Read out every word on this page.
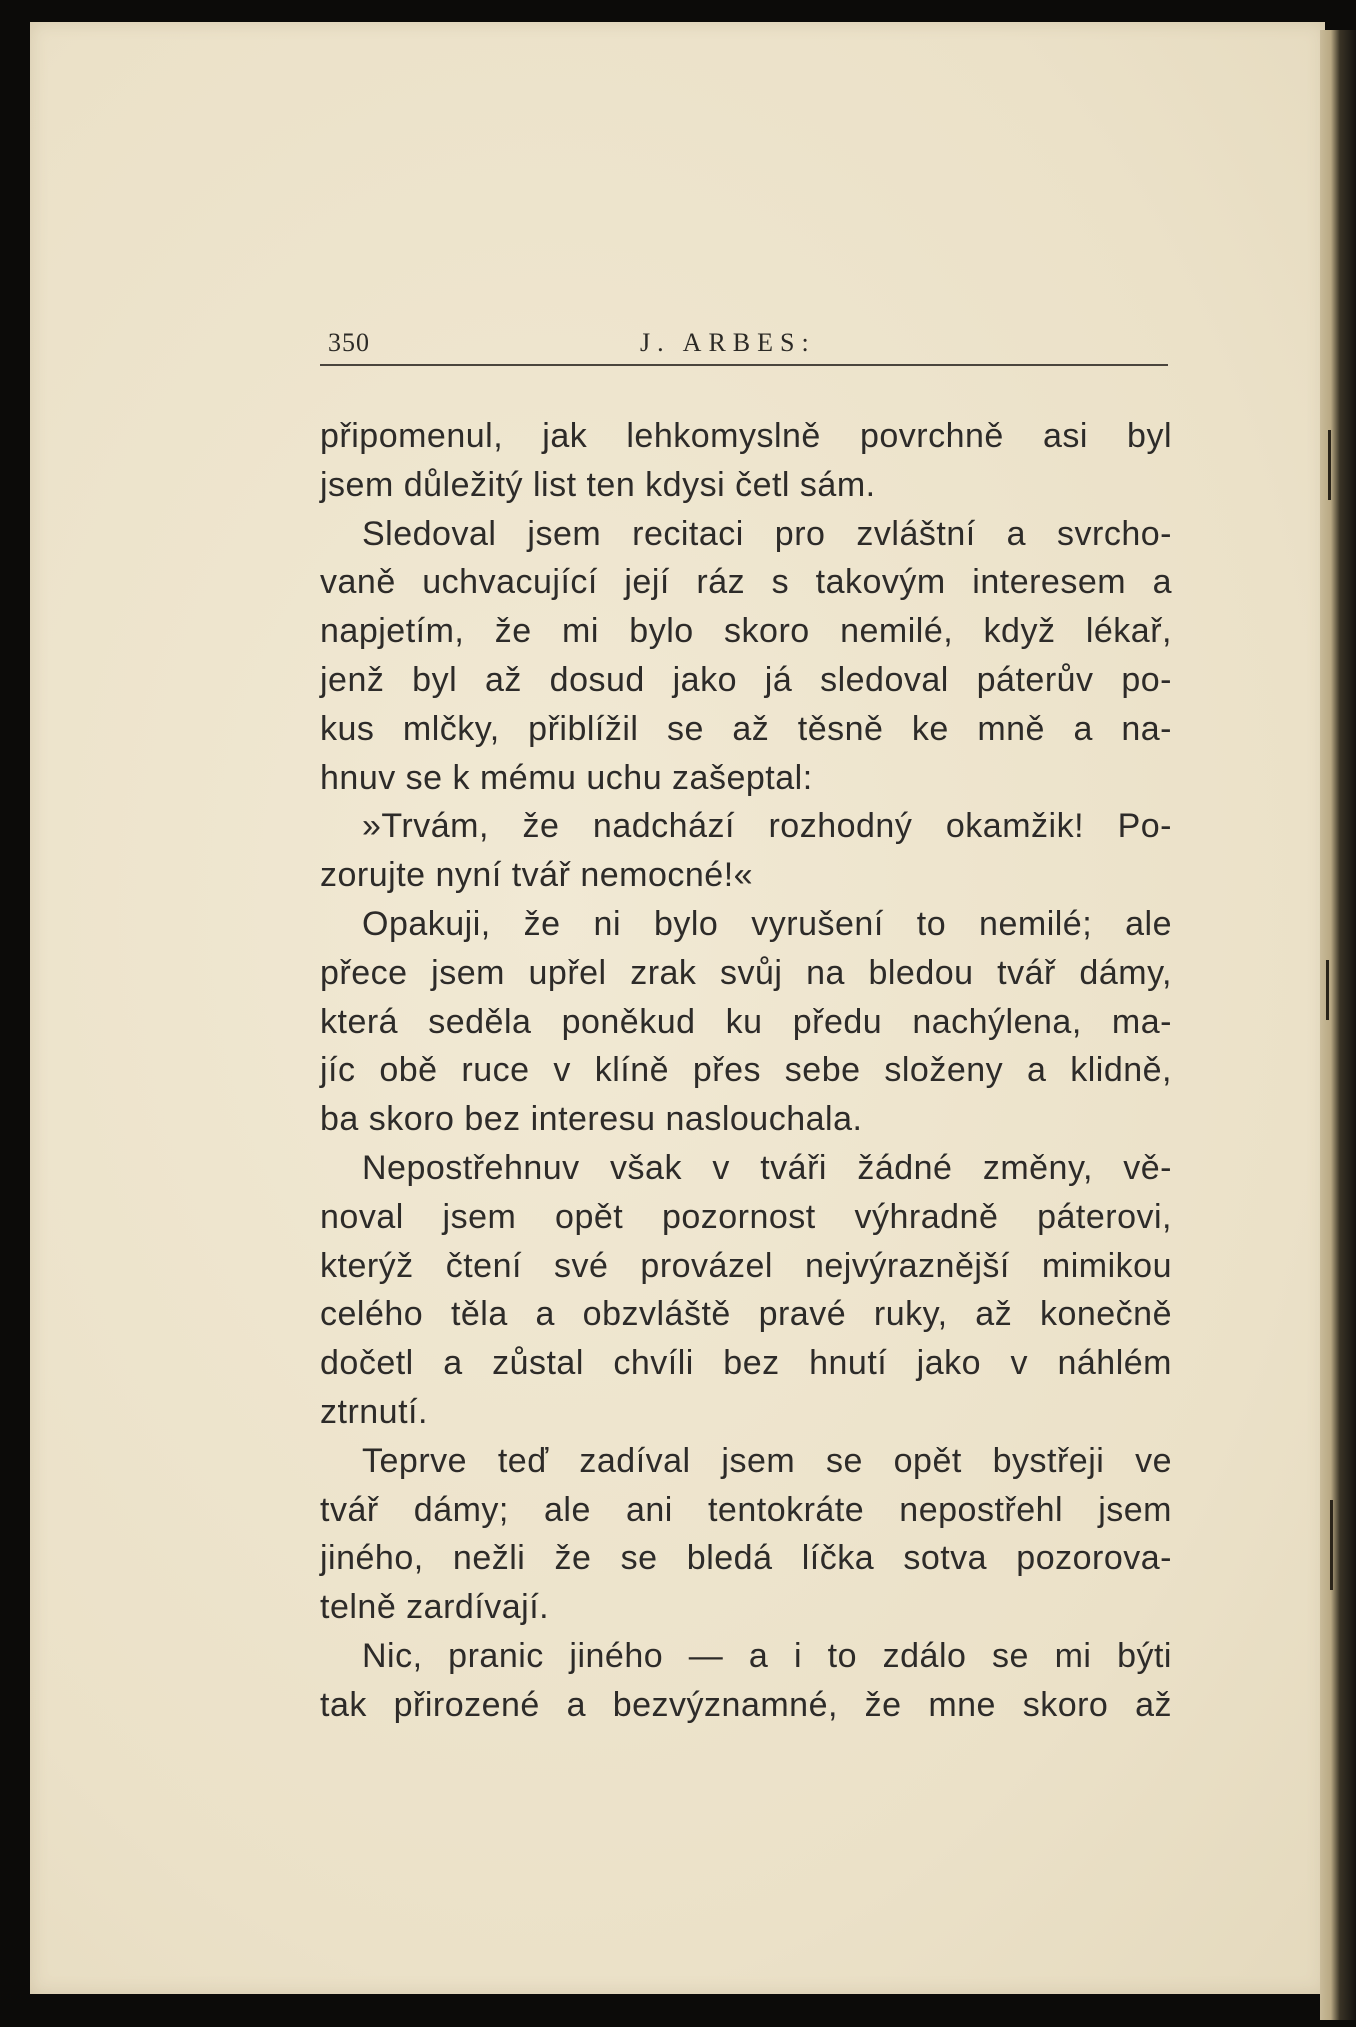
350	J. ARBES:
připomenul, jak lehkomyslně povrchně asi byl
jsem důležitý list ten kdysi četl sám.
Sledoval jsem recitaci pro zvláštní a svrcho-
vaně uchvacující její ráz s takovým interesem a
napjetím, že mi bylo skoro nemilé, když lékař,
jenž byl až dosud jako já sledoval páterův po-
kus mlčky, přiblížil se až těsně ke mně a na-
hnuv se k mému uchu zašeptal:
»Trvám, že nadchází rozhodný okamžik! Po-
zorujte nyní tvář nemocné!«
Opakuji, že ni bylo vyrušení to nemilé; ale
přece jsem upřel zrak svůj na bledou tvář dámy,
která seděla poněkud ku předu nachýlena, ma-
jíc obě ruce v klíně přes sebe složeny a klidně,
ba skoro bez interesu naslouchala.
Nepostřehnuv však v tváři žádné změny, vě-
noval jsem opět pozornost výhradně páterovi,
kterýž čtení své provázel nejvýraznější mimikou
celého těla a obzvláště pravé ruky, až konečně
dočetl a zůstal chvíli bez hnutí jako v náhlém
ztrnutí.
Teprve teď zadíval jsem se opět bystřeji ve
tvář dámy; ale ani tentokráte nepostřehl jsem
jiného, nežli že se bledá líčka sotva pozorova-
telně zardívají.
Nic, pranic jiného — a i to zdálo se mi býti
tak přirozené a bezvýznamné, že mne skoro až
